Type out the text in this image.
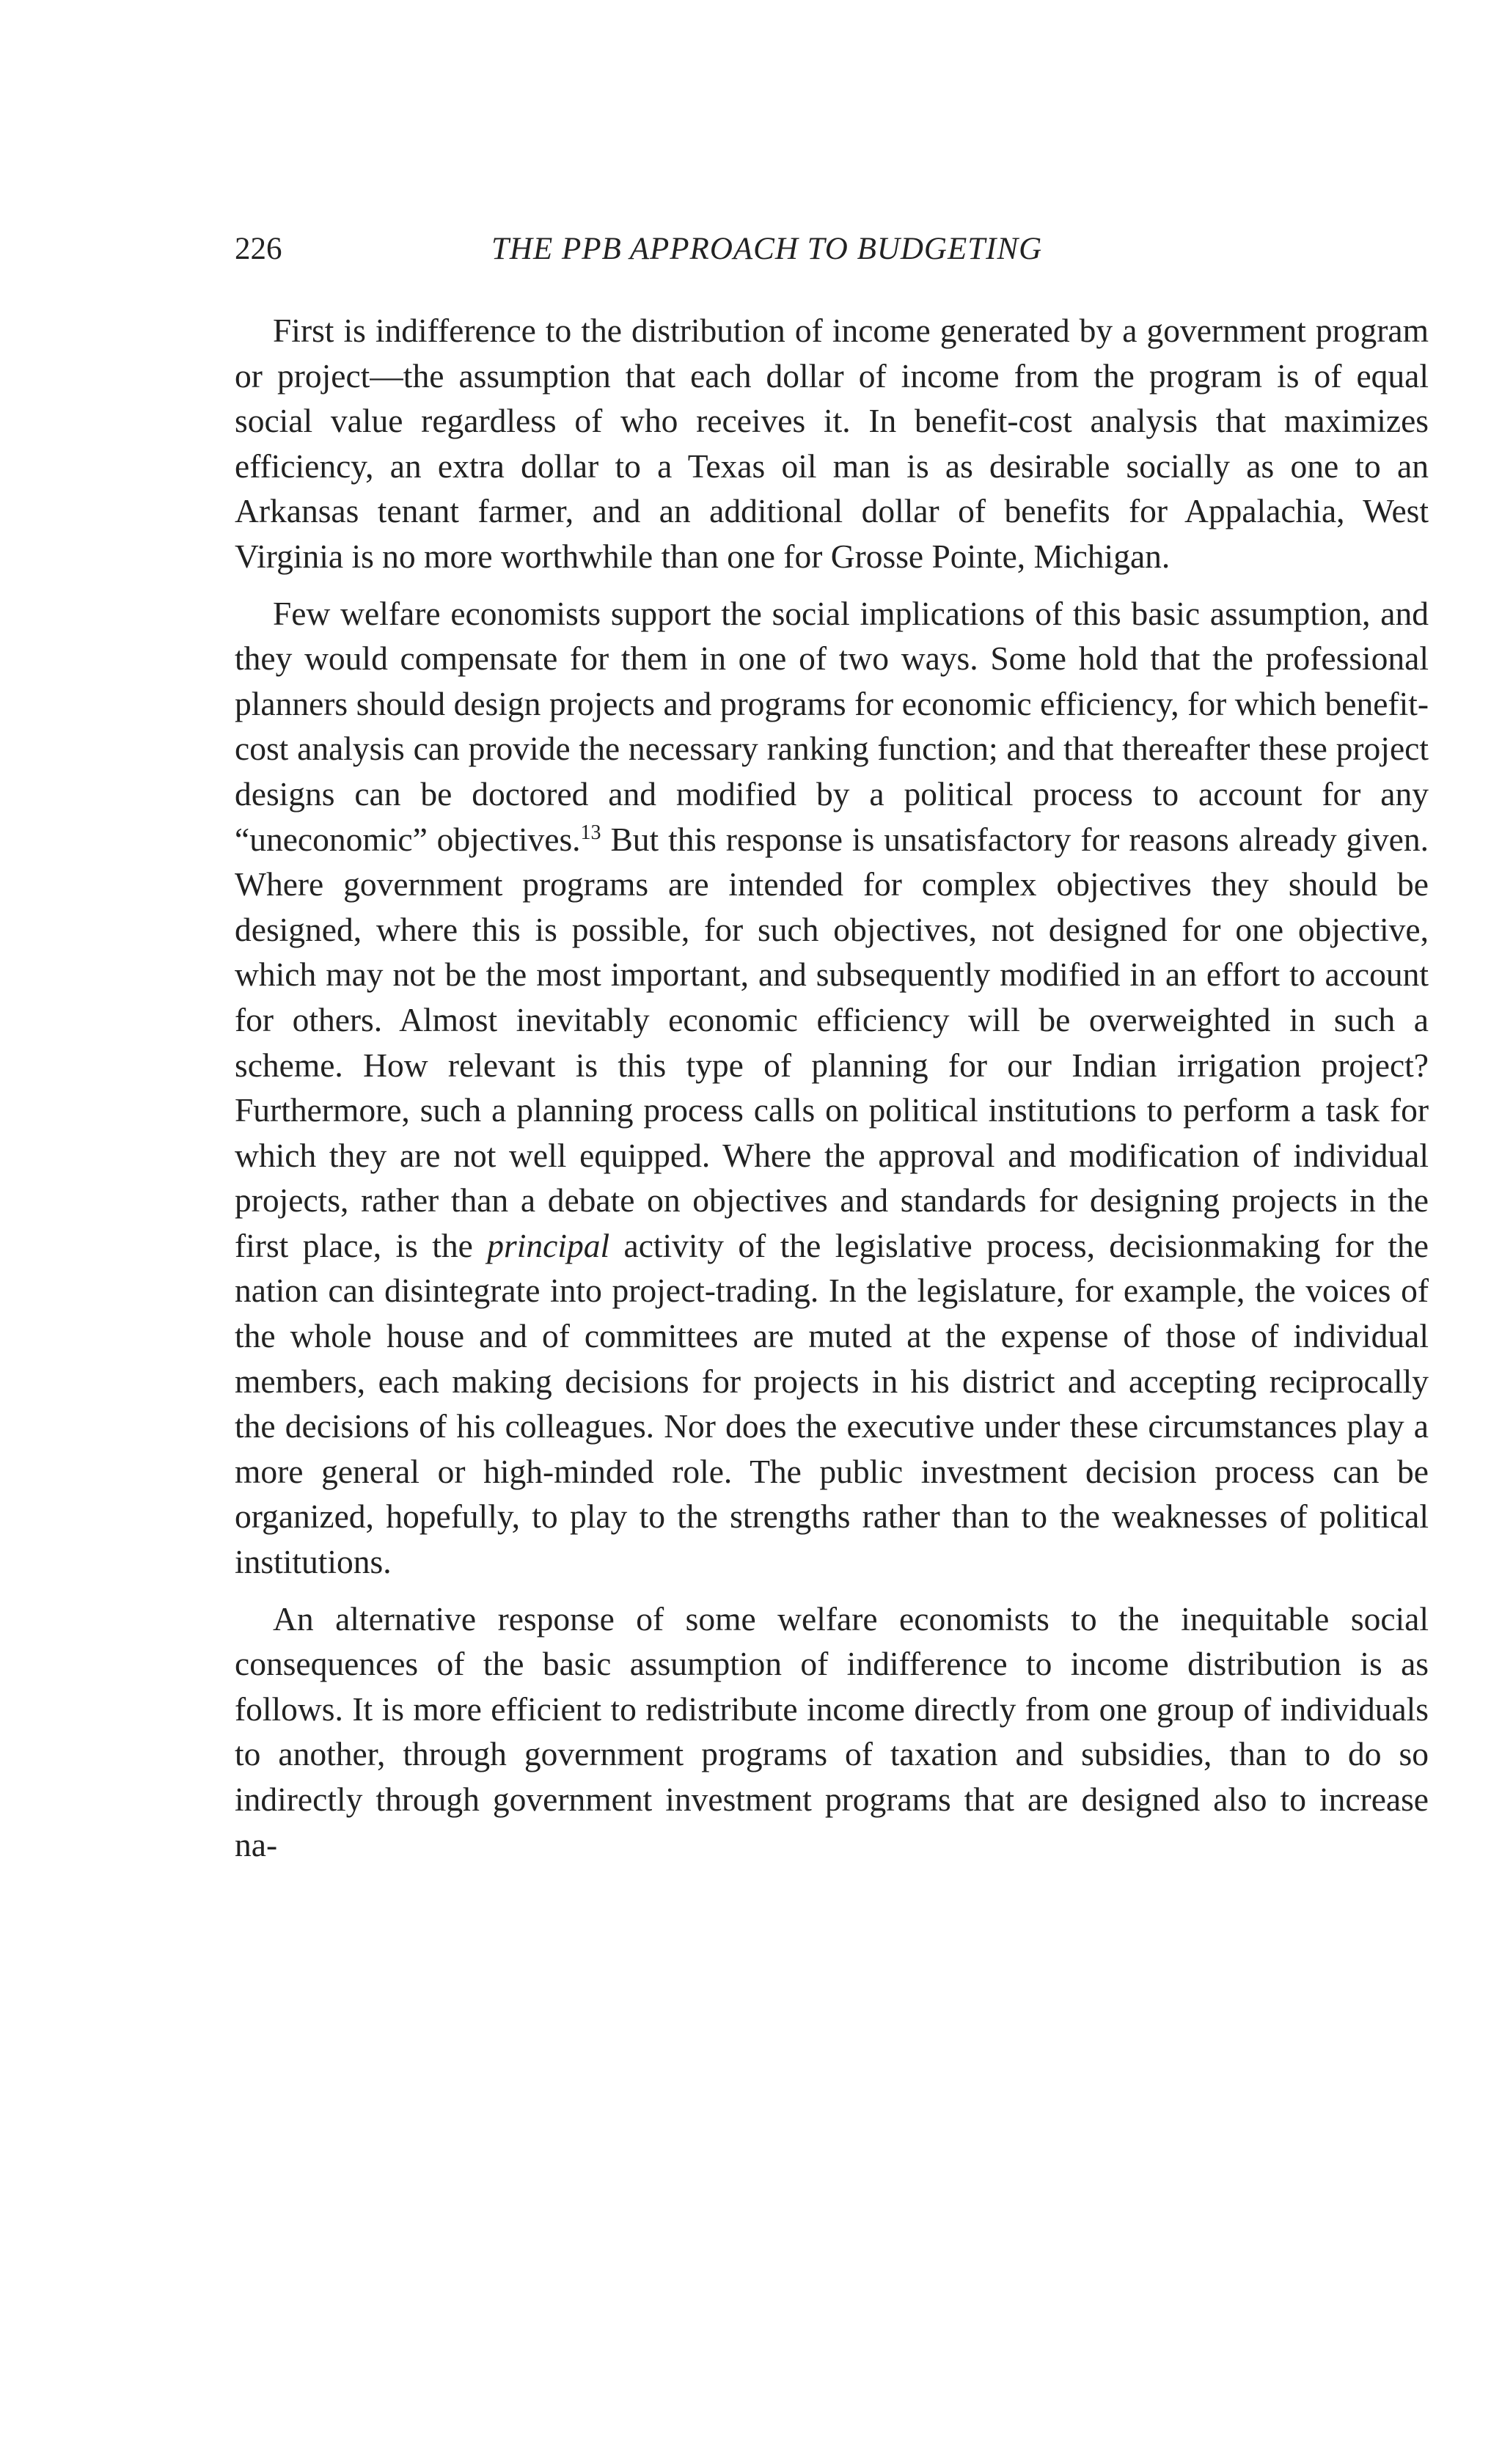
226	THE PPB APPROACH TO BUDGETING

First is indifference to the distribution of income generated by a government program or project—the assumption that each dollar of income from the program is of equal social value regardless of who receives it. In benefit-cost analysis that maximizes efficiency, an extra dollar to a Texas oil man is as desirable socially as one to an Arkansas tenant farmer, and an additional dollar of benefits for Appalachia, West Virginia is no more worthwhile than one for Grosse Pointe, Michigan.

Few welfare economists support the social implications of this basic assumption, and they would compensate for them in one of two ways. Some hold that the professional planners should design projects and programs for economic efficiency, for which benefit-cost analysis can provide the necessary ranking function; and that thereafter these project designs can be doctored and modified by a political process to account for any “uneconomic” objectives.$^{13}$ But this response is unsatisfactory for reasons already given. Where government programs are intended for complex objectives they should be designed, where this is possible, for such objectives, not designed for one objective, which may not be the most important, and subsequently modified in an effort to account for others. Almost inevitably economic efficiency will be overweighted in such a scheme. How relevant is this type of planning for our Indian irrigation project? Furthermore, such a planning process calls on political institutions to perform a task for which they are not well equipped. Where the approval and modification of individual projects, rather than a debate on objectives and standards for designing projects in the first place, is the principal activity of the legislative process, decisionmaking for the nation can disintegrate into project-trading. In the legislature, for example, the voices of the whole house and of committees are muted at the expense of those of individual members, each making decisions for projects in his district and accepting reciprocally the decisions of his colleagues. Nor does the executive under these circumstances play a more general or high-minded role. The public investment decision process can be organized, hopefully, to play to the strengths rather than to the weaknesses of political institutions.

An alternative response of some welfare economists to the inequitable social consequences of the basic assumption of indifference to income distribution is as follows. It is more efficient to redistribute income directly from one group of individuals to another, through government programs of taxation and subsidies, than to do so indirectly through government investment programs that are designed also to increase na-
